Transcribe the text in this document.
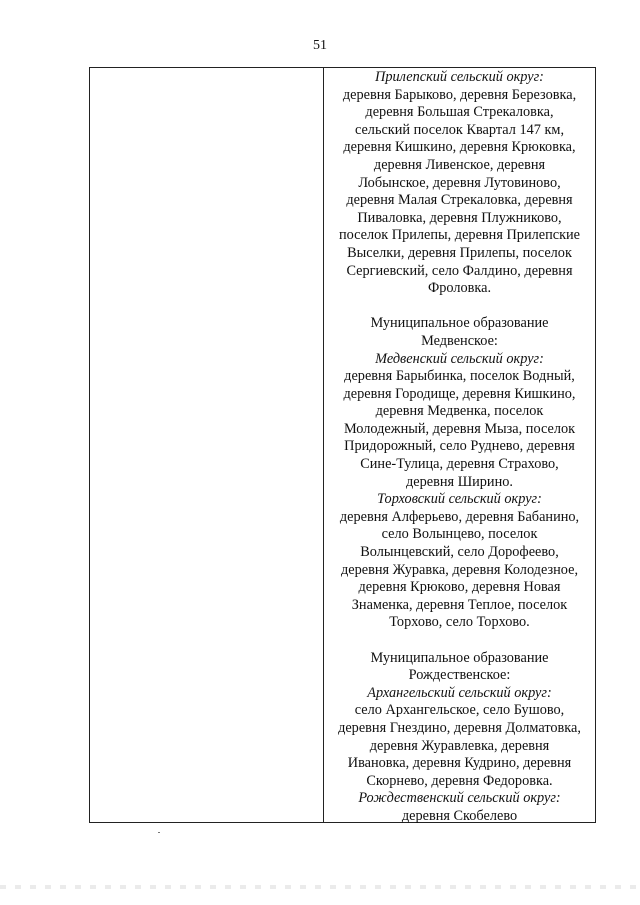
51
Прилепский сельский округ:
деревня Барыково, деревня Березовка,
деревня Большая Стрекаловка,
сельский поселок Квартал 147 км,
деревня Кишкино, деревня Крюковка,
деревня Ливенское, деревня
Лобынское, деревня Лутовиново,
деревня Малая Стрекаловка, деревня
Пиваловка, деревня Плужниково,
поселок Прилепы, деревня Прилепские
Выселки, деревня Прилепы, поселок
Сергиевский, село Фалдино, деревня
Фроловка.
Муниципальное образование
Медвенское:
Медвенский сельский округ:
деревня Барыбинка, поселок Водный,
деревня Городище, деревня Кишкино,
деревня Медвенка, поселок
Молодежный, деревня Мыза, поселок
Придорожный, село Руднево, деревня
Сине-Тулица, деревня Страхово,
деревня Ширино.
Торховский сельский округ:
деревня Алферьево, деревня Бабанино,
село Волынцево, поселок
Волынцевский, село Дорофеево,
деревня Журавка, деревня Колодезное,
деревня Крюково, деревня Новая
Знаменка, деревня Теплое, поселок
Торхово, село Торхово.
Муниципальное образование
Рождественское:
Архангельский сельский округ:
село Архангельское, село Бушово,
деревня Гнездино, деревня Долматовка,
деревня Журавлевка, деревня
Ивановка, деревня Кудрино, деревня
Скорнево, деревня Федоровка.
Рождественский сельский округ:
деревня Скобелево
